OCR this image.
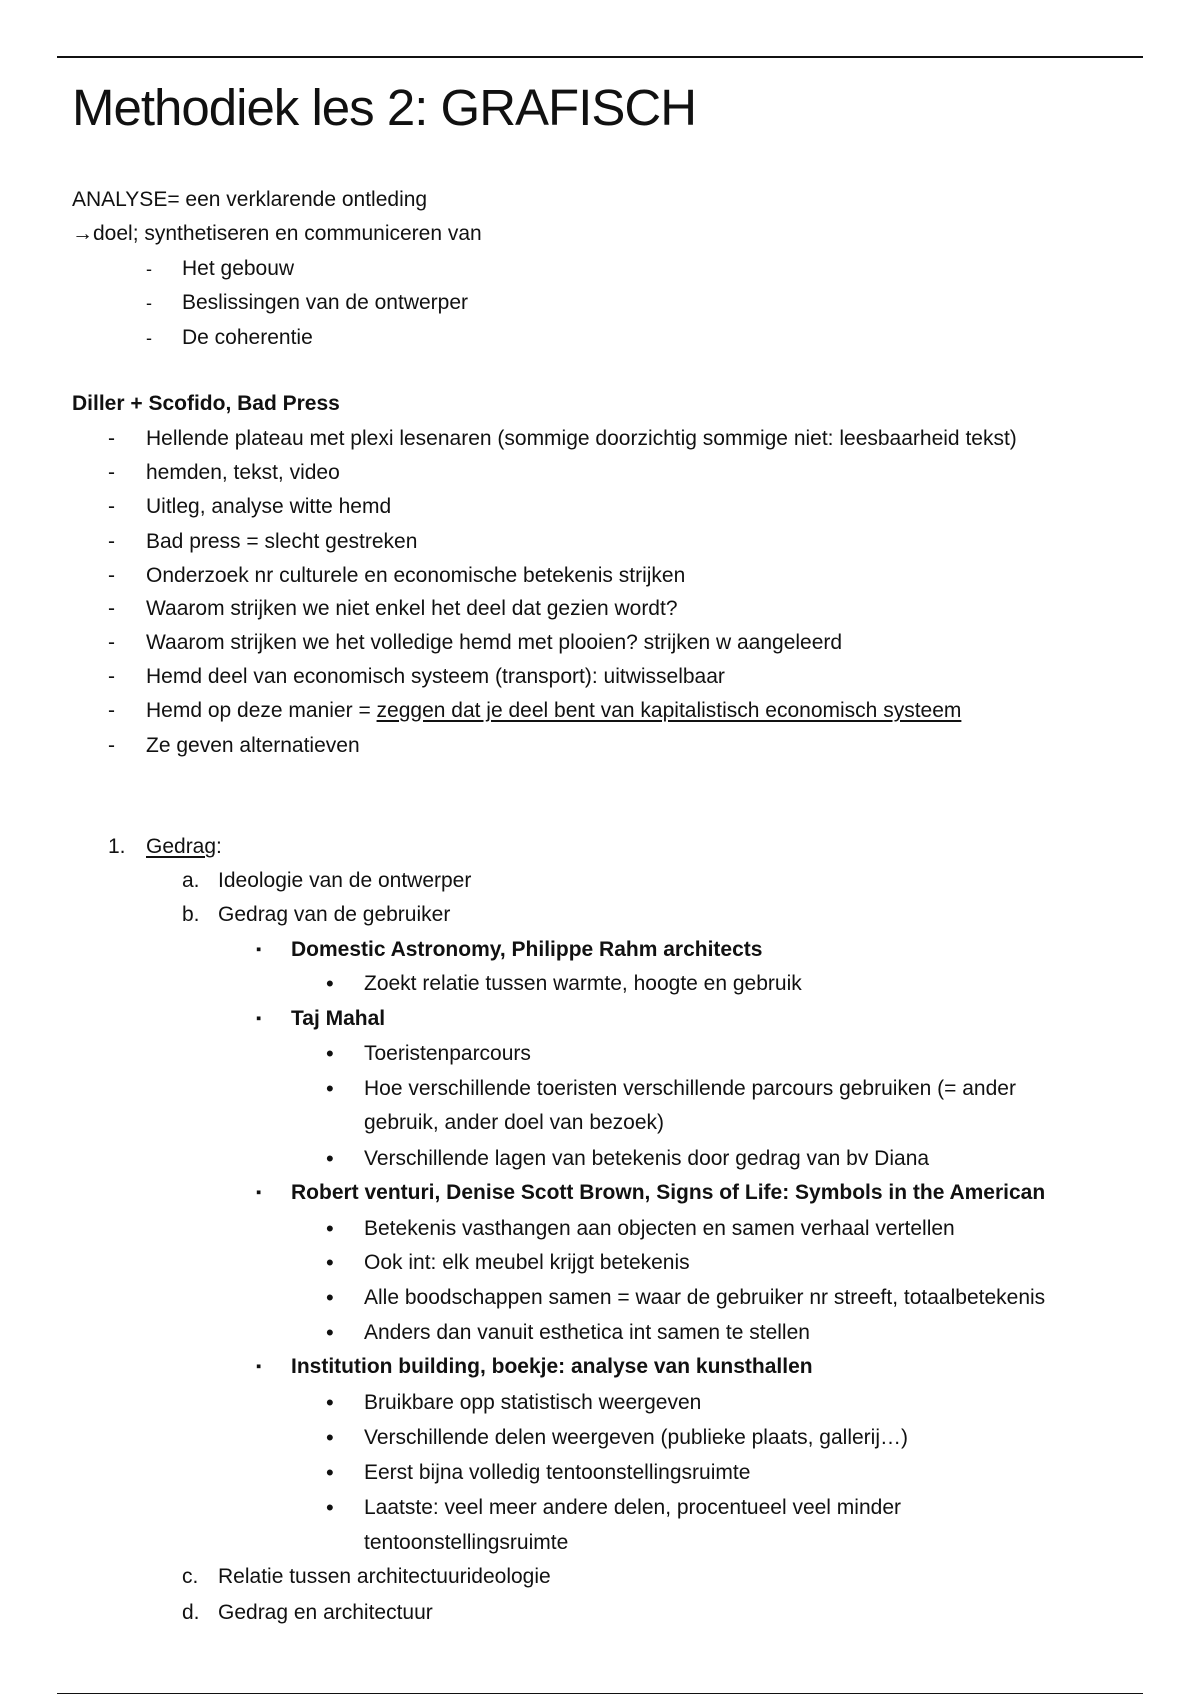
Methodiek les 2: GRAFISCH
ANALYSE= een verklarende ontleding
→doel; synthetiseren en communiceren van
- Het gebouw
- Beslissingen van de ontwerper
- De coherentie
Diller + Scofido, Bad Press
- Hellende plateau met plexi lesenaren (sommige doorzichtig sommige niet: leesbaarheid tekst)
- hemden, tekst, video
- Uitleg, analyse witte hemd
- Bad press = slecht gestreken
- Onderzoek nr culturele en economische betekenis strijken
- Waarom strijken we niet enkel het deel dat gezien wordt?
- Waarom strijken we het volledige hemd met plooien? strijken w aangeleerd
- Hemd deel van economisch systeem (transport): uitwisselbaar
- Hemd op deze manier = zeggen dat je deel bent van kapitalistisch economisch systeem
- Ze geven alternatieven
1. Gedrag:
a. Ideologie van de ontwerper
b. Gedrag van de gebruiker
▪ Domestic Astronomy, Philippe Rahm architects
• Zoekt relatie tussen warmte, hoogte en gebruik
▪ Taj Mahal
• Toeristenparcours
• Hoe verschillende toeristen verschillende parcours gebruiken (= ander
gebruik, ander doel van bezoek)
• Verschillende lagen van betekenis door gedrag van bv Diana
▪ Robert venturi, Denise Scott Brown, Signs of Life: Symbols in the American
• Betekenis vasthangen aan objecten en samen verhaal vertellen
• Ook int: elk meubel krijgt betekenis
• Alle boodschappen samen = waar de gebruiker nr streeft, totaalbetekenis
• Anders dan vanuit esthetica int samen te stellen
▪ Institution building, boekje: analyse van kunsthallen
• Bruikbare opp statistisch weergeven
• Verschillende delen weergeven (publieke plaats, gallerij…)
• Eerst bijna volledig tentoonstellingsruimte
• Laatste: veel meer andere delen, procentueel veel minder
tentoonstellingsruimte
c. Relatie tussen architectuurideologie
d. Gedrag en architectuur
